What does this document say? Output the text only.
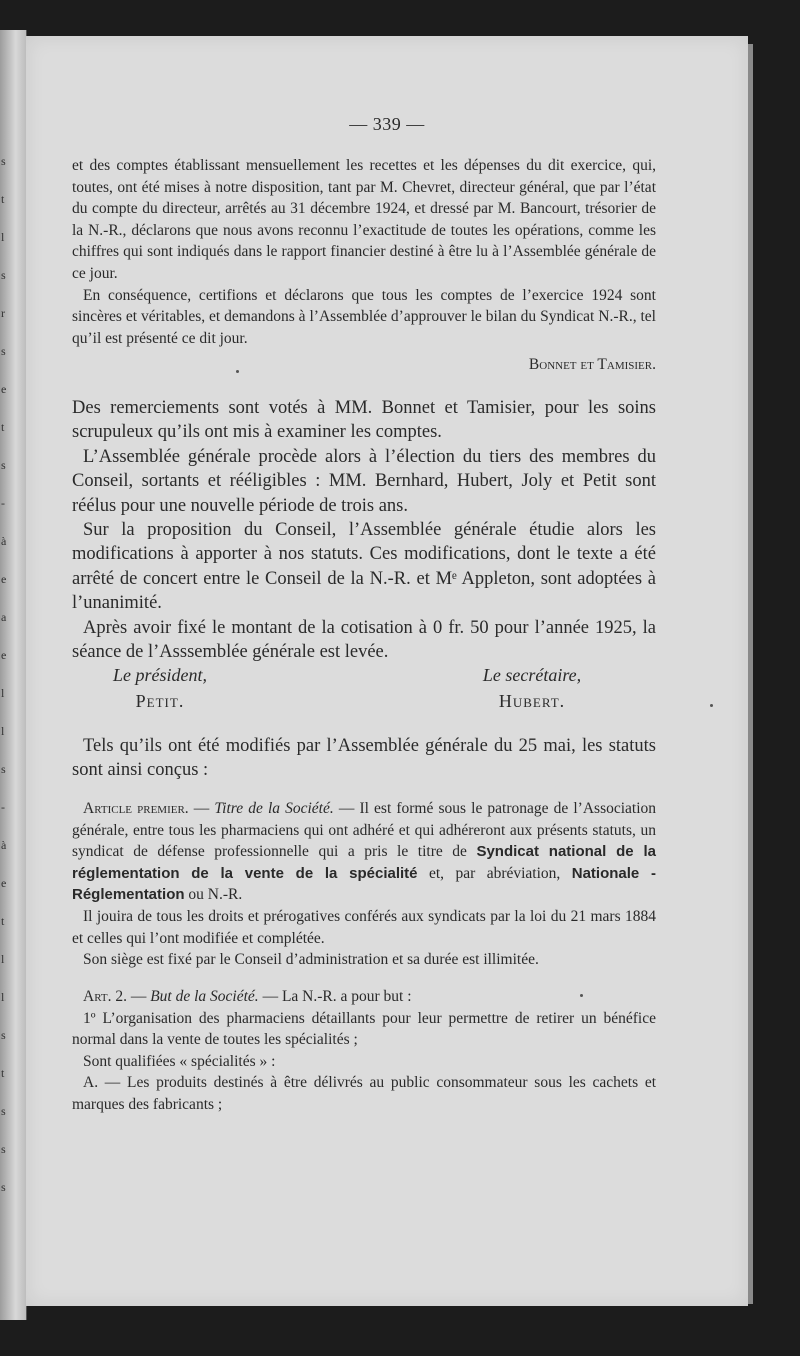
s
t
l
s
r
s
e
t
s
-
à
e
a
e
l
l
s
-
à
e
t
l
l
s
t
s
s
s
— 339 —

et des comptes établissant mensuellement les recettes et les dépenses du dit exercice, qui, toutes, ont été mises à notre disposition, tant par M. Chevret, directeur général, que par l’état du compte du directeur, arrêtés au 31 décembre 1924, et dressé par M. Bancourt, trésorier de la N.-R., déclarons que nous avons reconnu l’exactitude de toutes les opérations, comme les chiffres qui sont indiqués dans le rapport financier destiné à être lu à l’Assemblée générale de ce jour.

En conséquence, certifions et déclarons que tous les comptes de l’exercice 1924 sont sincères et véritables, et demandons à l’Assemblée d’approuver le bilan du Syndicat N.-R., tel qu’il est présenté ce dit jour.

Bonnet et Tamisier.

Des remerciements sont votés à MM. Bonnet et Tamisier, pour les soins scrupuleux qu’ils ont mis à examiner les comptes.

L’Assemblée générale procède alors à l’élection du tiers des membres du Conseil, sortants et rééligibles : MM. Bernhard, Hubert, Joly et Petit sont réélus pour une nouvelle période de trois ans.

Sur la proposition du Conseil, l’Assemblée générale étudie alors les modifications à apporter à nos statuts. Ces modifications, dont le texte a été arrêté de concert entre le Conseil de la N.-R. et Mᵉ Appleton, sont adoptées à l’unanimité.

Après avoir fixé le montant de la cotisation à 0 fr. 50 pour l’année 1925, la séance de l’Asssemblée générale est levée.

Le président,
Petit.
Le secrétaire,
Hubert.

Tels qu’ils ont été modifiés par l’Assemblée générale du 25 mai, les statuts sont ainsi conçus :

Article premier. — Titre de la Société. — Il est formé sous le patronage de l’Association générale, entre tous les pharmaciens qui ont adhéré et qui adhéreront aux présents statuts, un syndicat de défense professionnelle qui a pris le titre de Syndicat national de la réglementation de la vente de la spécialité et, par abréviation, Nationale - Réglementation ou N.-R.

Il jouira de tous les droits et prérogatives conférés aux syndicats par la loi du 21 mars 1884 et celles qui l’ont modifiée et complétée.

Son siège est fixé par le Conseil d’administration et sa durée est illimitée.

Art. 2. — But de la Société. — La N.-R. a pour but :

1º L’organisation des pharmaciens détaillants pour leur permettre de retirer un bénéfice normal dans la vente de toutes les spécialités ;

Sont qualifiées « spécialités » :

A. — Les produits destinés à être délivrés au public consommateur sous les cachets et marques des fabricants ;
